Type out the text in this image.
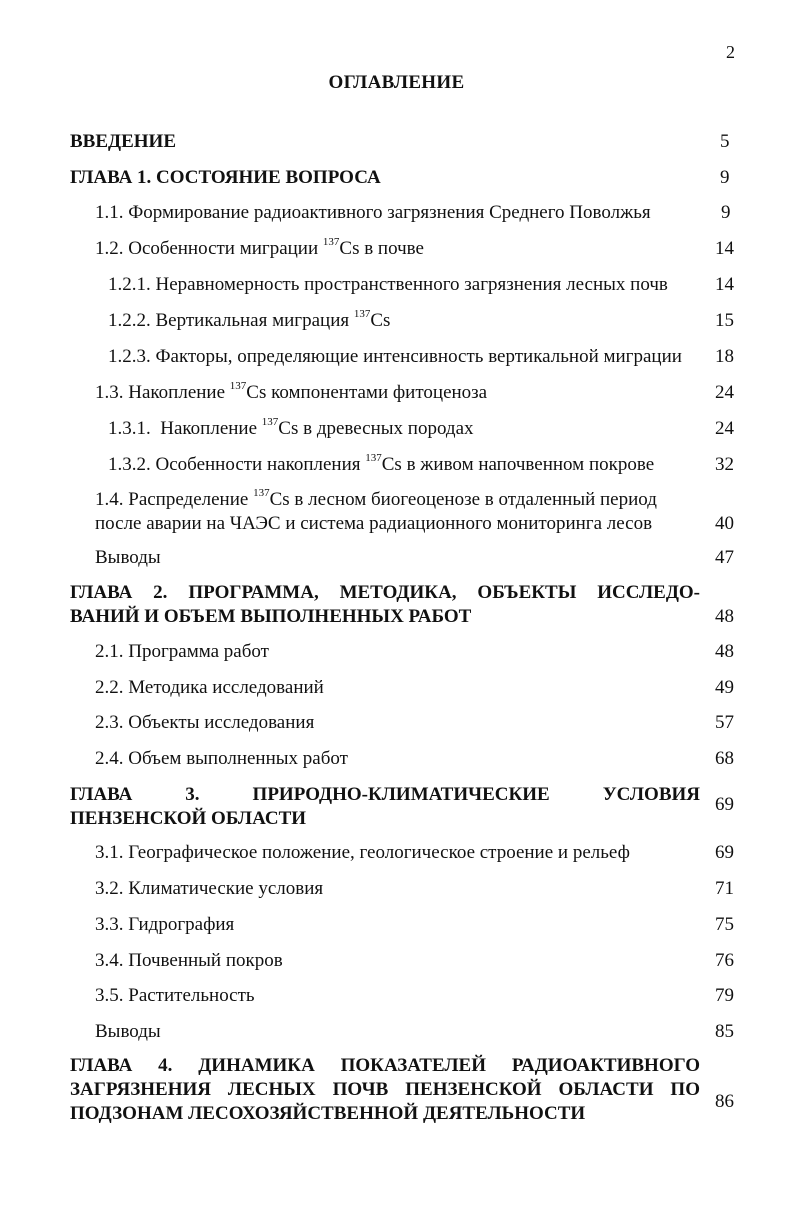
2
ОГЛАВЛЕНИЕ
ВВЕДЕНИЕ	5
ГЛАВА 1. СОСТОЯНИЕ ВОПРОСА	9
1.1. Формирование радиоактивного загрязнения Среднего Поволжья	9
1.2. Особенности миграции $^{137}$Cs в почве	14
1.2.1. Неравномерность пространственного загрязнения лесных почв 14
1.2.2. Вертикальная миграция $^{137}$Cs	15
1.2.3. Факторы, определяющие интенсивность вертикальной миграции 18
1.3. Накопление $^{137}$Cs компонентами фитоценоза	24
1.3.1.  Накопление $^{137}$Cs в древесных породах	24
1.3.2. Особенности накопления $^{137}$Cs в живом напочвенном покрове	32
1.4. Распределение $^{137}$Cs в лесном биогеоценозе в отдаленный период
после аварии на ЧАЭС и система радиационного мониторинга лесов	40
Выводы	47
ГЛАВА 2. ПРОГРАММА, МЕТОДИКА, ОБЪЕКТЫ ИССЛЕДО-
ВАНИЙ И ОБЪЕМ ВЫПОЛНЕННЫХ РАБОТ	48
2.1. Программа работ	48
2.2. Методика исследований	49
2.3. Объекты исследования	57
2.4. Объем выполненных работ	68
ГЛАВА 3. ПРИРОДНО-КЛИМАТИЧЕСКИЕ УСЛОВИЯ
ПЕНЗЕНСКОЙ ОБЛАСТИ
69
3.1. Географическое положение, геологическое строение и рельеф	69
3.2. Климатические условия	71
3.3. Гидрография	75
3.4. Почвенный покров	76
3.5. Растительность	79
Выводы	85
ГЛАВА 4. ДИНАМИКА ПОКАЗАТЕЛЕЙ РАДИОАКТИВНОГО
ЗАГРЯЗНЕНИЯ ЛЕСНЫХ ПОЧВ ПЕНЗЕНСКОЙ ОБЛАСТИ ПО
ПОДЗОНАМ ЛЕСОХОЗЯЙСТВЕННОЙ ДЕЯТЕЛЬНОСТИ
86
